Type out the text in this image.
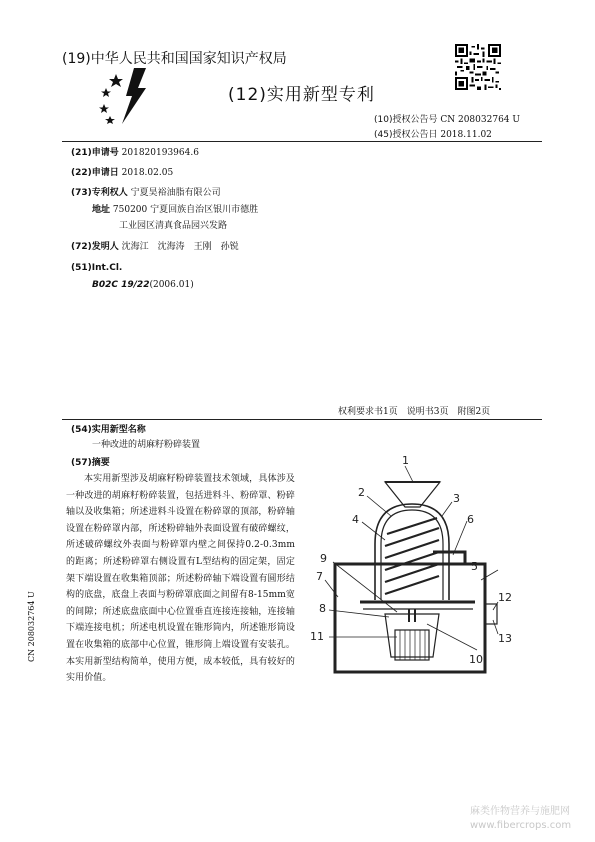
(19)中华人民共和国国家知识产权局
(12)实用新型专利
(10)授权公告号 CN 208032764 U
(45)授权公告日 2018.11.02
(21)申请号 201820193964.6
(22)申请日 2018.02.05
(73)专利权人 宁夏昊裕油脂有限公司
地址 750200 宁夏回族自治区银川市德胜
工业园区清真食品园兴发路
(72)发明人 沈海江　沈海涛　王刚　孙锐
(51)Int.Cl.
B02C 19/22(2006.01)
权利要求书1页　说明书3页　附图2页
(54)实用新型名称
一种改进的胡麻籽粉碎装置
(57)摘要
本实用新型涉及胡麻籽粉碎装置技术领域，具体涉及一种改进的胡麻籽粉碎装置，包括进料斗、粉碎罩、粉碎轴以及收集箱；所述进料斗设置在粉碎罩的顶部，粉碎轴设置在粉碎罩内部，所述粉碎轴外表面设置有破碎螺纹，所述破碎螺纹外表面与粉碎罩内壁之间保持0.2-0.3mm的距离；所述粉碎罩右侧设置有L型结构的固定架，固定架下端设置在收集箱顶部；所述粉碎轴下端设置有圆形结构的底盘，底盘上表面与粉碎罩底面之间留有8-15mm宽的间隙；所述底盘底面中心位置垂直连接连接轴，连接轴下端连接电机；所述电机设置在锥形筒内，所述锥形筒设置在收集箱的底部中心位置，锥形筒上端设置有安装孔。本实用新型结构简单，使用方便，成本较低，具有较好的实用价值。
1
2	3
4
5
6
7
8
9
10
11
12
13
CN 208032764 U
麻类作物营养与施肥网
www.fibercrops.com
